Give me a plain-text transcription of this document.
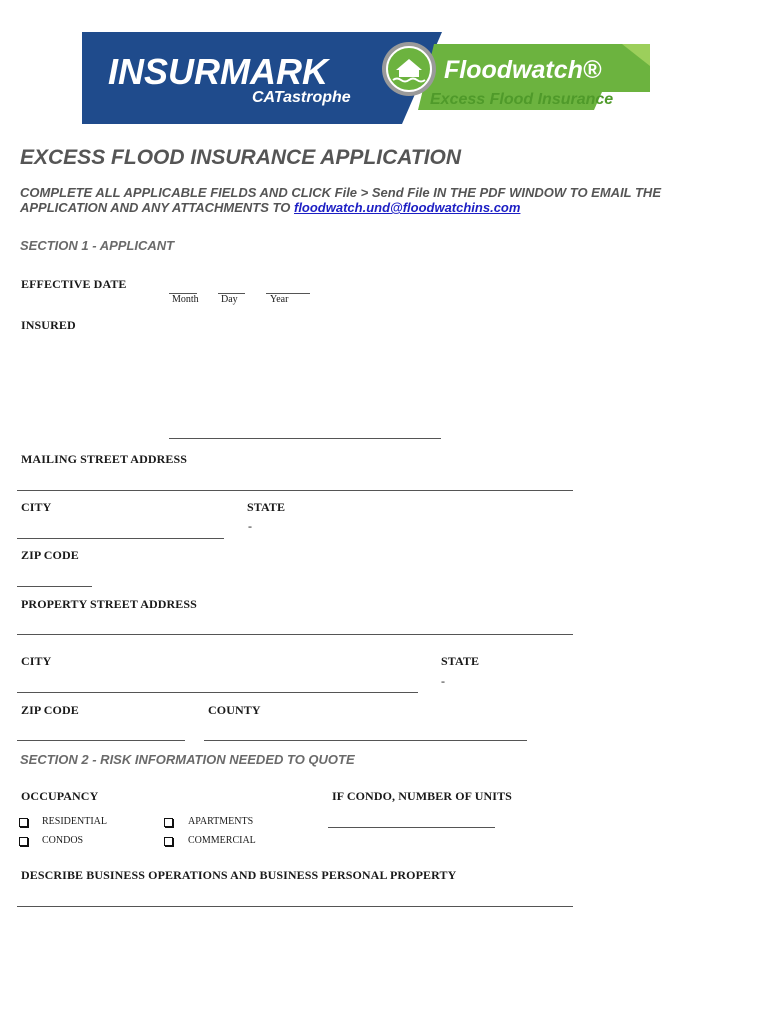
INSURMARK
CATastrophe
Floodwatch®
Excess Flood Insurance
EXCESS FLOOD INSURANCE APPLICATION
COMPLETE ALL APPLICABLE FIELDS AND CLICK File > Send File IN THE PDF WINDOW TO EMAIL THE APPLICATION AND ANY ATTACHMENTS TO floodwatch.und@floodwatchins.com
SECTION 1 - APPLICANT
EFFECTIVE DATE
Month Day	Year
INSURED
MAILING STREET ADDRESS
CITY	STATE
-
ZIP CODE
PROPERTY STREET ADDRESS
CITY	STATE
-
ZIP CODE	COUNTY
SECTION 2 - RISK INFORMATION NEEDED TO QUOTE
OCCUPANCY	IF CONDO, NUMBER OF UNITS
RESIDENTIAL	APARTMENTS
CONDOS	COMMERCIAL
DESCRIBE BUSINESS OPERATIONS AND BUSINESS PERSONAL PROPERTY
